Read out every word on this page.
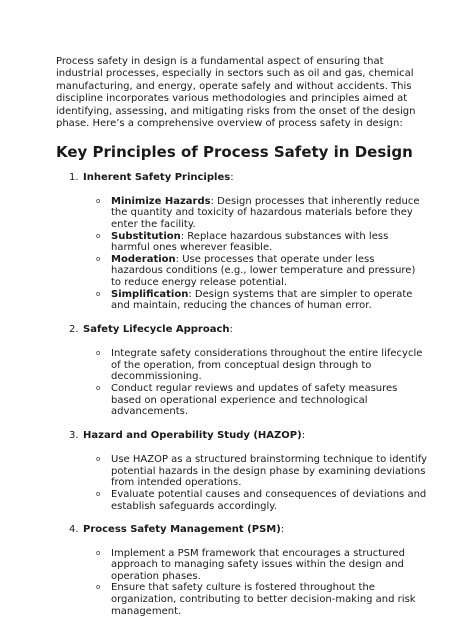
Process safety in design is a fundamental aspect of ensuring that industrial processes, especially in sectors such as oil and gas, chemical manufacturing, and energy, operate safely and without accidents. This discipline incorporates various methodologies and principles aimed at identifying, assessing, and mitigating risks from the onset of the design phase. Here’s a comprehensive overview of process safety in design:

Key Principles of Process Safety in Design
1. Inherent Safety Principles:
o Minimize Hazards: Design processes that inherently reduce the quantity and toxicity of hazardous materials before they enter the facility.
o Substitution: Replace hazardous substances with less harmful ones wherever feasible.
o Moderation: Use processes that operate under less hazardous conditions (e.g., lower temperature and pressure) to reduce energy release potential.
o Simplification: Design systems that are simpler to operate and maintain, reducing the chances of human error.
2. Safety Lifecycle Approach:
o Integrate safety considerations throughout the entire lifecycle of the operation, from conceptual design through to decommissioning.
o Conduct regular reviews and updates of safety measures based on operational experience and technological advancements.
3. Hazard and Operability Study (HAZOP):
o Use HAZOP as a structured brainstorming technique to identify potential hazards in the design phase by examining deviations from intended operations.
o Evaluate potential causes and consequences of deviations and establish safeguards accordingly.
4. Process Safety Management (PSM):
o Implement a PSM framework that encourages a structured approach to managing safety issues within the design and operation phases.
o Ensure that safety culture is fostered throughout the organization, contributing to better decision-making and risk management.
